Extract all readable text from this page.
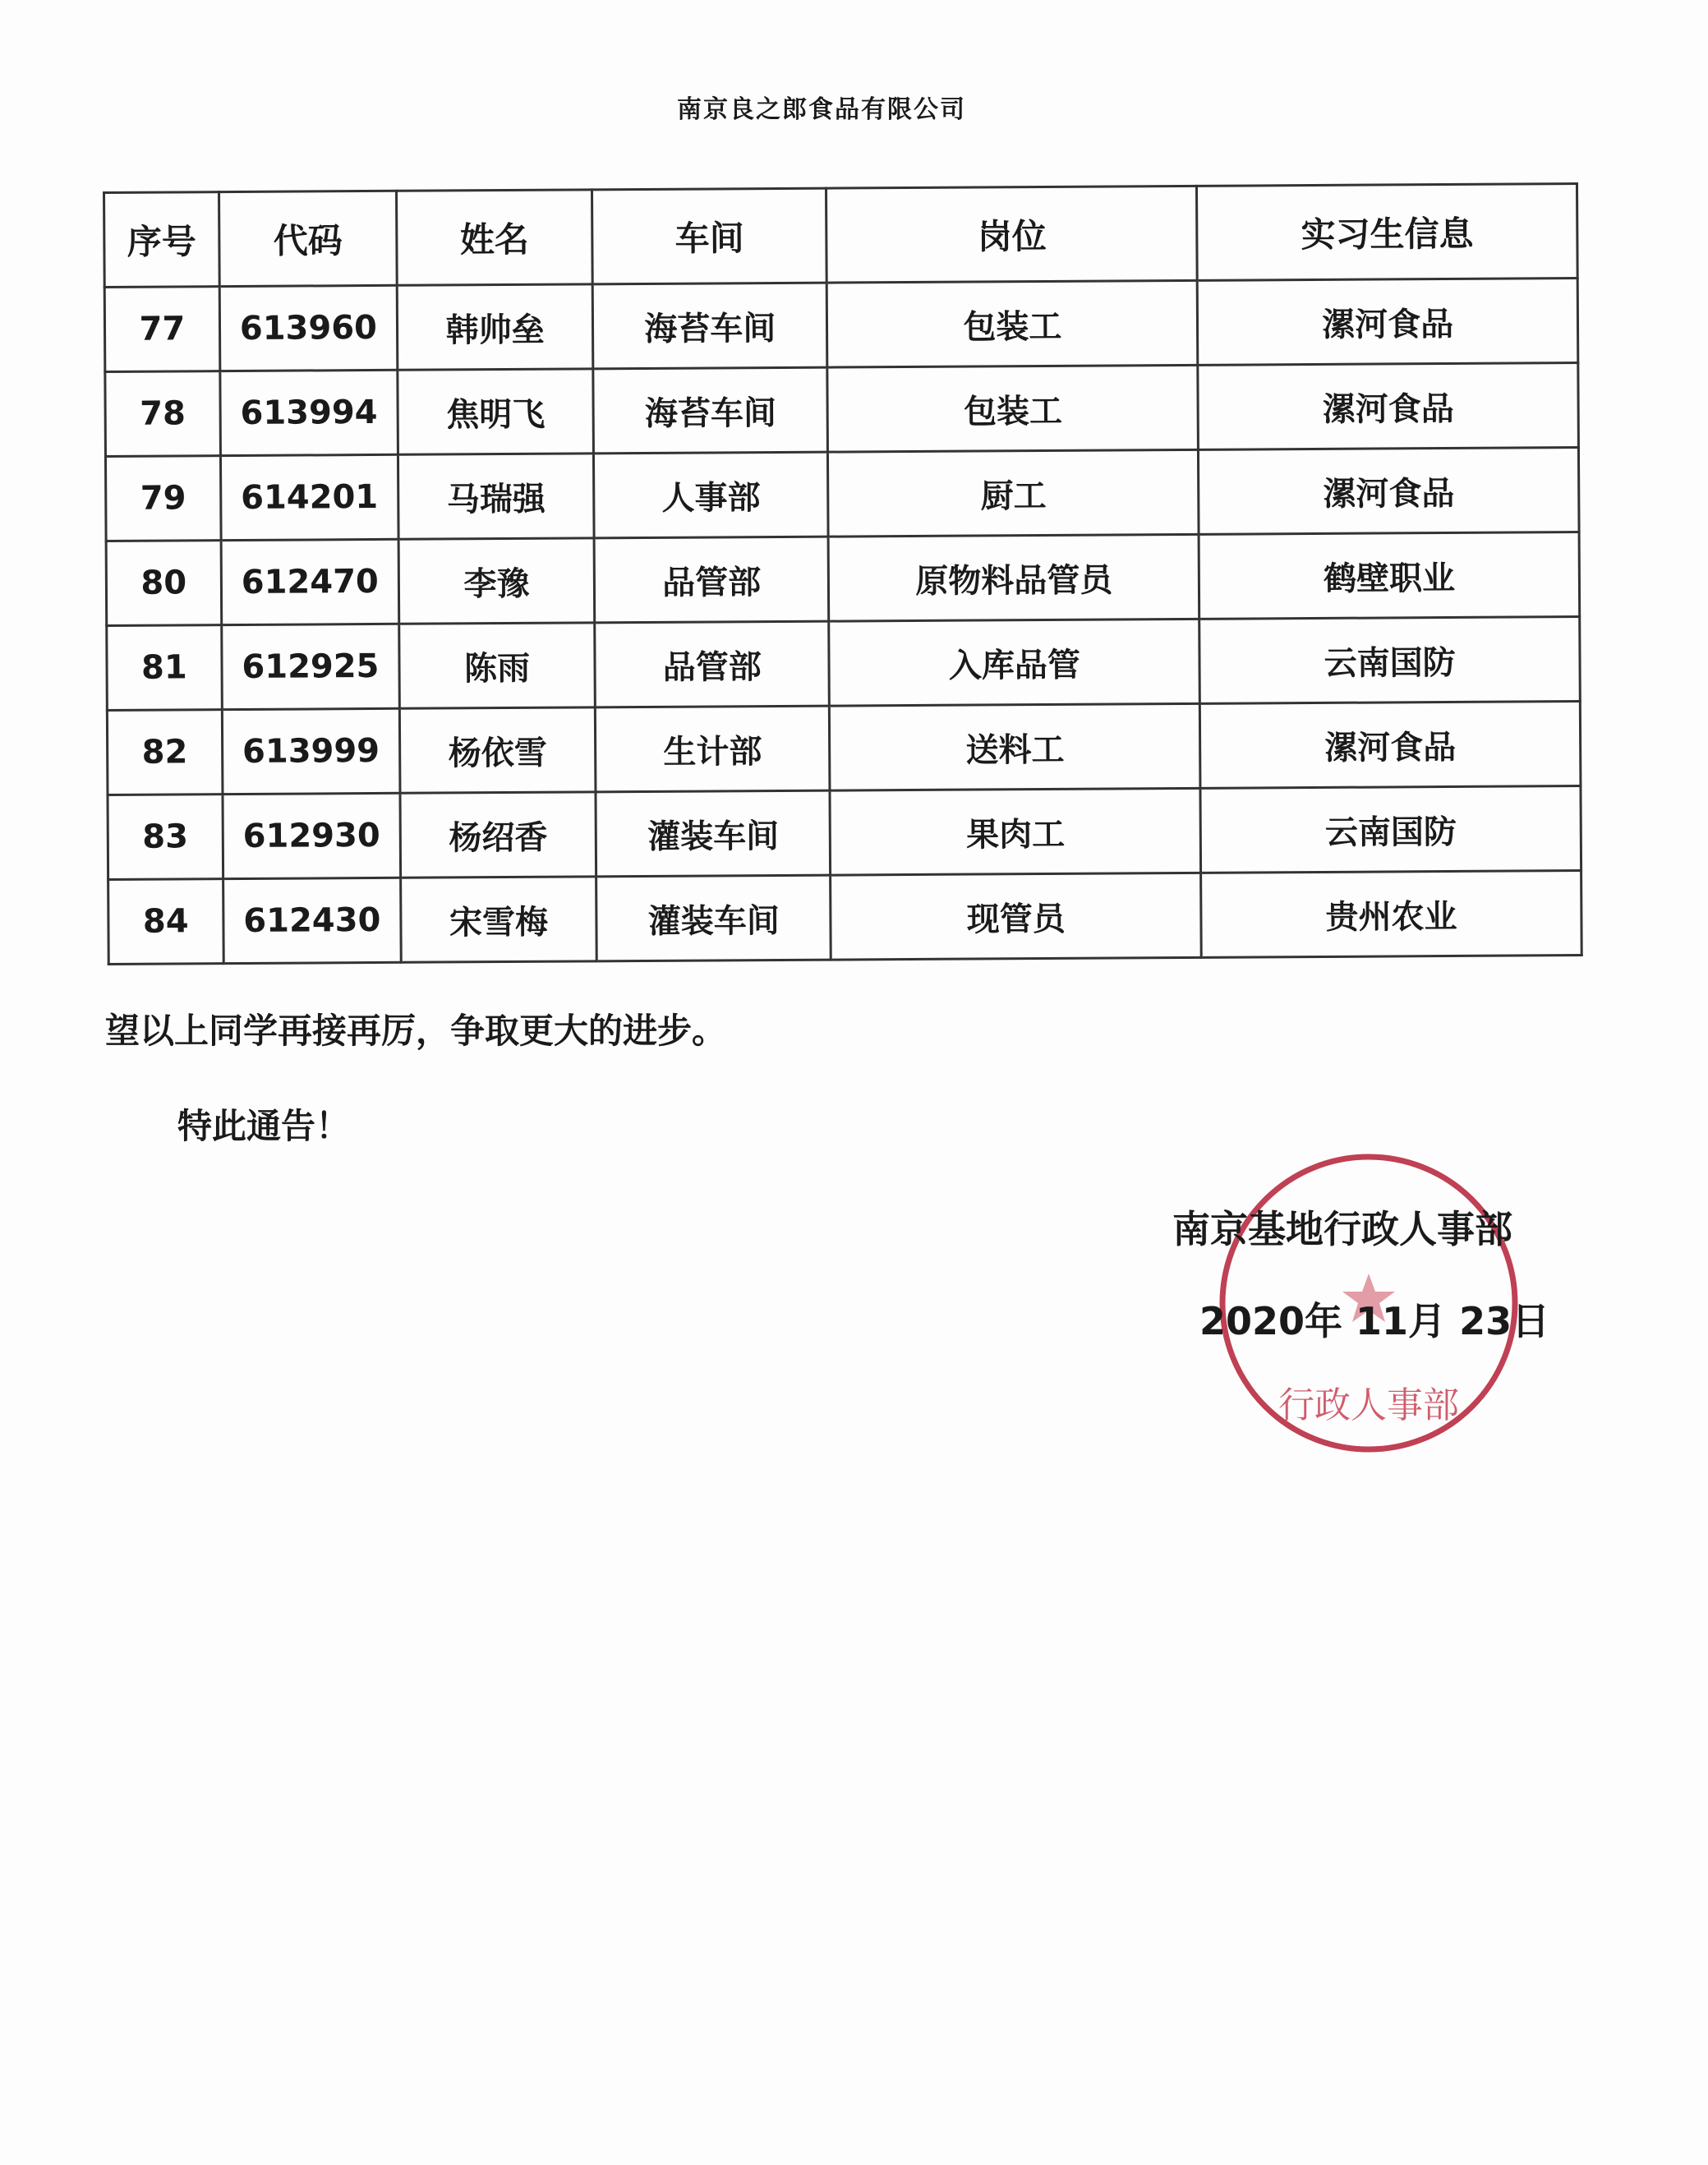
南京良之郎食品有限公司
序号	代码	姓名	车间	岗位	实习生信息
77	613960	韩帅垒	海苔车间	包装工	漯河食品
78	613994	焦明飞	海苔车间	包装工	漯河食品
79	614201	马瑞强	人事部	厨工	漯河食品
80	612470	李豫	品管部	原物料品管员	鹤壁职业
81	612925	陈雨	品管部	入库品管	云南国防
82	613999	杨依雪	生计部	送料工	漯河食品
83	612930	杨绍香	灌装车间	果肉工	云南国防
84	612430	宋雪梅	灌装车间	现管员	贵州农业
望以上同学再接再厉，争取更大的进步。
特此通告！
南京基地行政人事部
2020年 11月 23日
行政人事部
